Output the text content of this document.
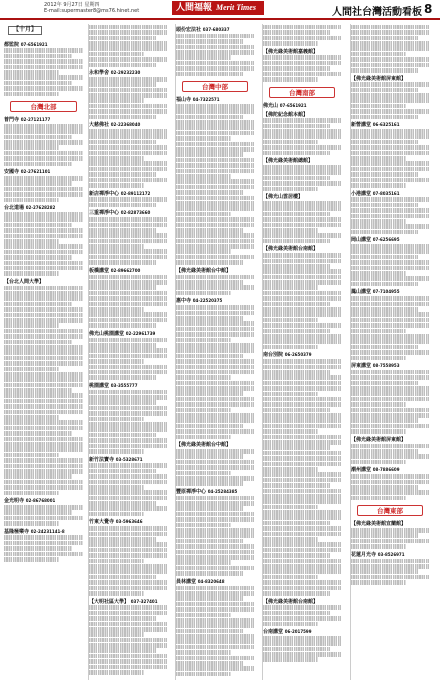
2012年 9月27日 星期四
E-mail:supermaster8@ms76.hinet.net	人間福報 Merit Times	人間社台灣活動看板 8
【十月】
都監院 07-6561921
台灣北部
普門寺 02-27121177
安國寺 02-27621101
台北道場 02-27628282
【台北人間大學】
金光明寺 02-86768001
基隆極樂寺 02-24231141-8
永和學舍 02-29232230
大慈佛社 02-22368040
新店禪淨中心 02-89112172
三重禪淨中心 02-82873660
板橋講堂 02-89662700
佛光山桃園講堂 02-22961739
桃園講堂 03-3555777
新竹法寶寺 03-5328671
竹東大覺寺 03-5963646
【大明社區大學】 037-327401
頭份宏法社 037-680337
台灣中部
福山寺 04-7322571
【佛光緣美術館台中館】
惠中寺 04-22520375
【佛光緣美術館台中館】
豐原禪淨中心 04-25284385
員林講堂 04-8320648
【佛光緣美術館嘉義館】
台灣南部
佛光山 07-6561921
【佛陀紀念館本館】
【佛光緣美術館總館】
【佛光山雲居樓】
【佛光緣美術館台南館】
南台別院 06-2650379
【佛光緣美術館台南館】
台南講堂 06-2017599
【佛光緣美術館屏東館】
新營講堂 06-6325161
小港講堂 07-8035161
岡山講堂 07-6256695
鳳山講堂 07-7104955
屏東講堂 08-7558953
【佛光緣美術館屏東館】
潮州講堂 08-7886609
台灣東部
【佛光緣美術館宜蘭館】
花蓮月光寺 03-8526971
